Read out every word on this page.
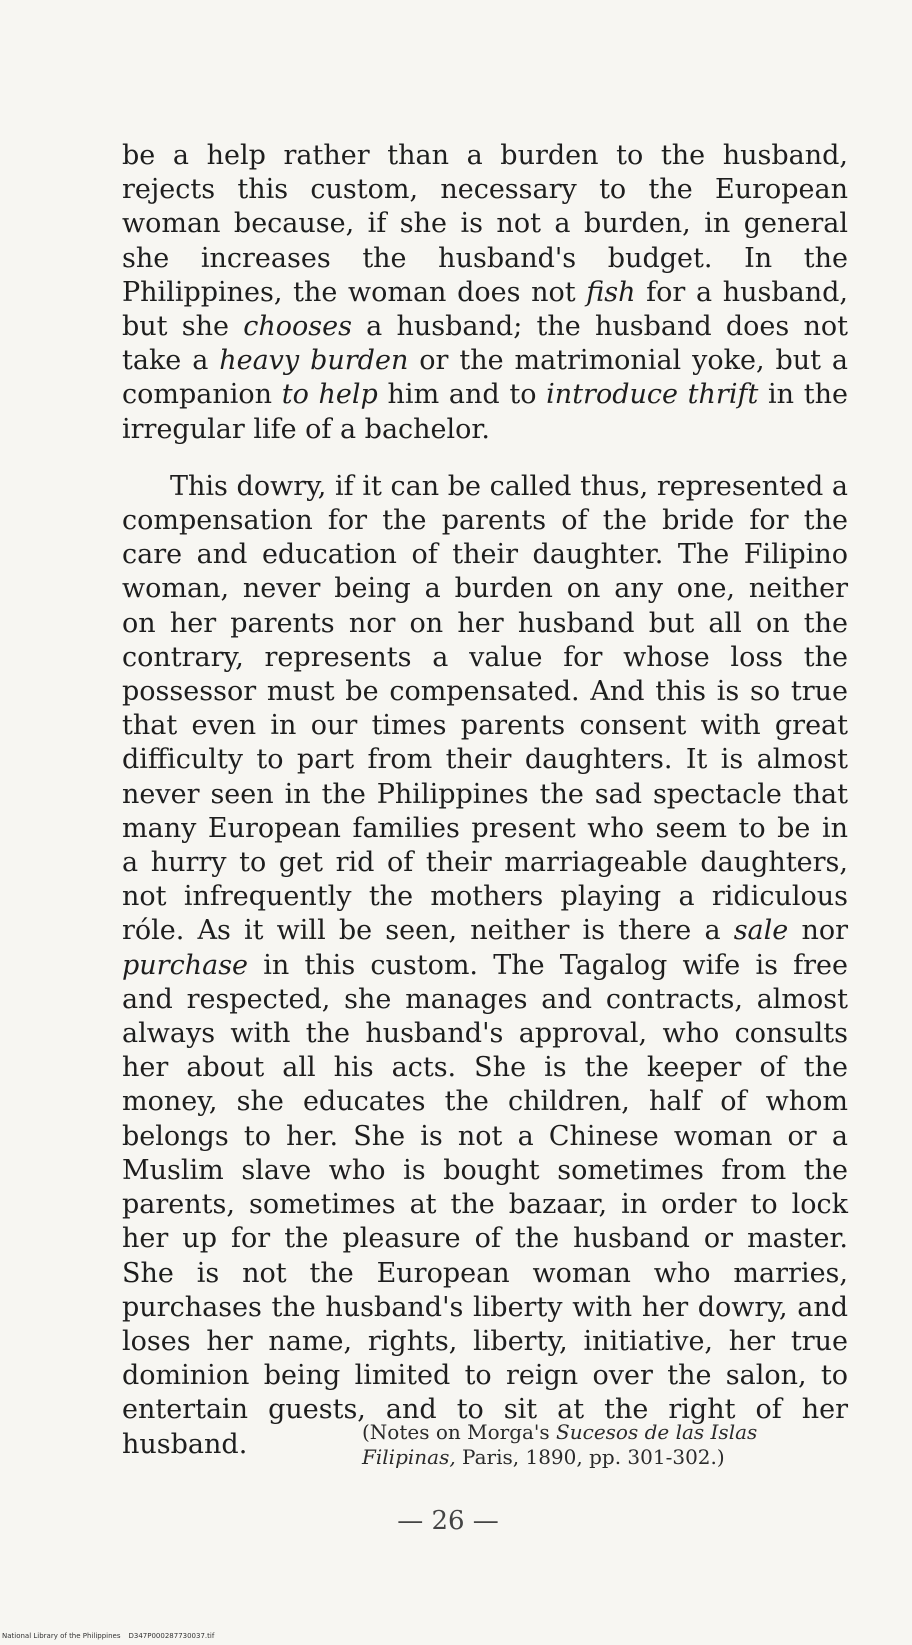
be a help rather than a burden to the husband, rejects this custom, necessary to the European woman because, if she is not a burden, in general she increases the husband's budget. In the Philippines, the woman does not fish for a husband, but she chooses a husband; the husband does not take a heavy burden or the matrimonial yoke, but a companion to help him and to introduce thrift in the irregular life of a bachelor.

This dowry, if it can be called thus, represented a compensation for the parents of the bride for the care and education of their daughter. The Filipino woman, never being a burden on any one, neither on her parents nor on her husband but all on the contrary, represents a value for whose loss the possessor must be compensated. And this is so true that even in our times parents consent with great difficulty to part from their daughters. It is almost never seen in the Philippines the sad spectacle that many European families present who seem to be in a hurry to get rid of their marriageable daughters, not infrequently the mothers playing a ridiculous róle. As it will be seen, neither is there a sale nor purchase in this custom. The Tagalog wife is free and respected, she manages and contracts, almost always with the husband's approval, who consults her about all his acts. She is the keeper of the money, she educates the children, half of whom belongs to her. She is not a Chinese woman or a Muslim slave who is bought sometimes from the parents, sometimes at the bazaar, in order to lock her up for the pleasure of the husband or master. She is not the European woman who marries, purchases the husband's liberty with her dowry, and loses her name, rights, liberty, initiative, her true dominion being limited to reign over the salon, to entertain guests, and to sit at the right of her husband.	(Notes on Morga's Sucesos de las Islas Filipinas, Paris, 1890, pp. 301-302.)
— 26 —
National Library of the Philippines D347P000287730037.tif
